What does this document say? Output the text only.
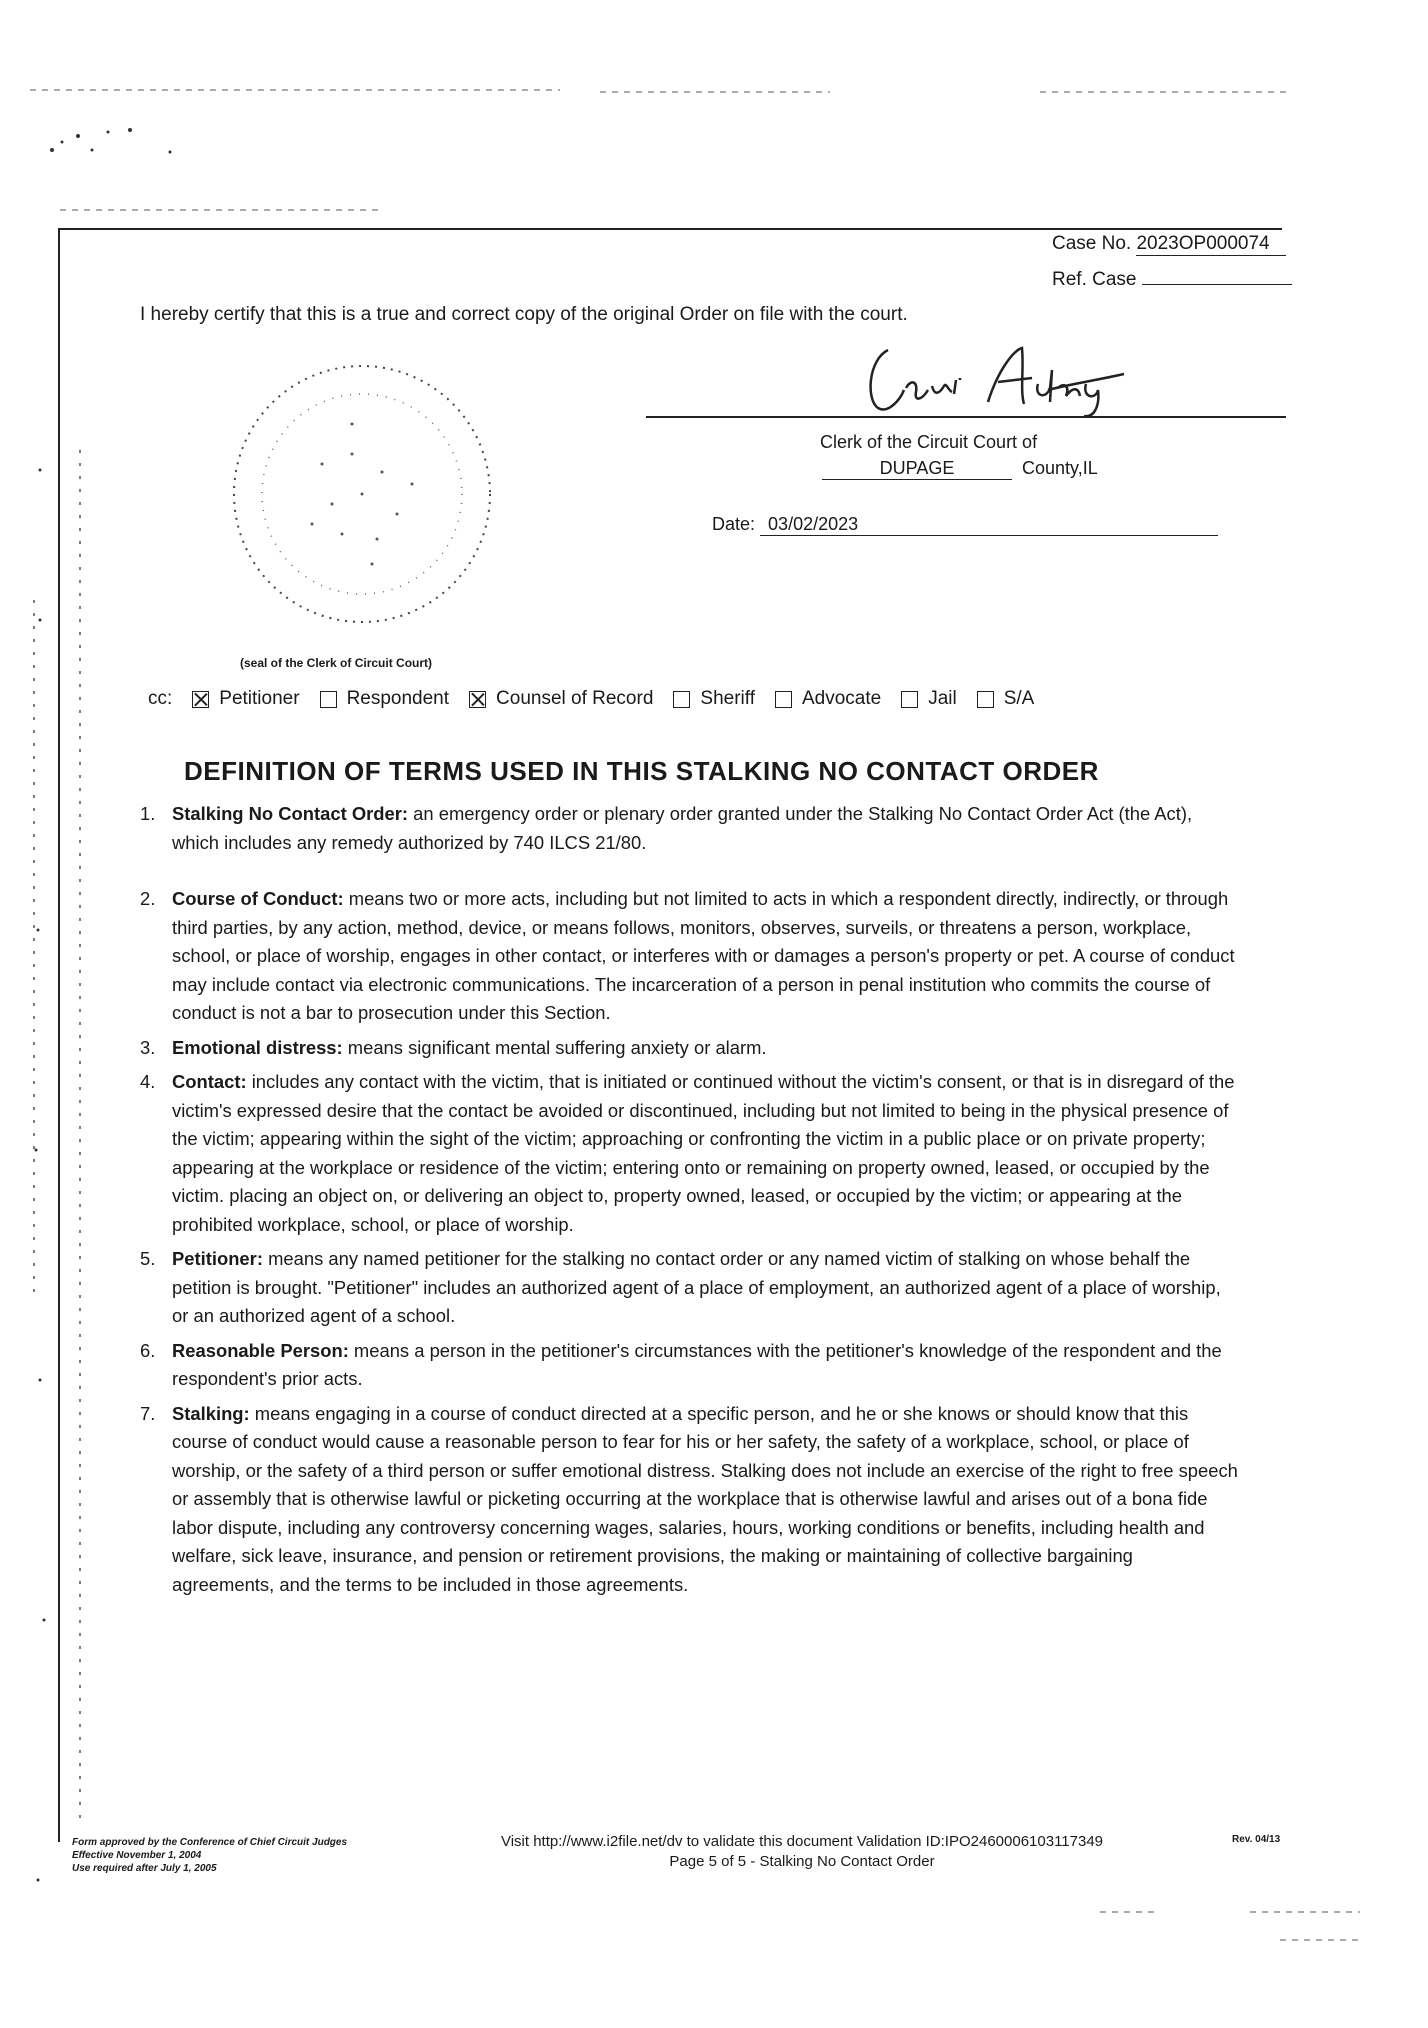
Case No. 2023OP000074
Ref. Case
I hereby certify that this is a true and correct copy of the original Order on file with the court.
Clerk of the Circuit Court of
DUPAGE	County,IL
Date: 03/02/2023
(seal of the Clerk of Circuit Court)
cc: Petitioner Respondent Counsel of Record Sheriff Advocate Jail S/A
DEFINITION OF TERMS USED IN THIS STALKING NO CONTACT ORDER
1. Stalking No Contact Order: an emergency order or plenary order granted under the Stalking No Contact Order Act (the Act), which includes any remedy authorized by 740 ILCS 21/80.
2. Course of Conduct: means two or more acts, including but not limited to acts in which a respondent directly, indirectly, or through third parties, by any action, method, device, or means follows, monitors, observes, surveils, or threatens a person, workplace, school, or place of worship, engages in other contact, or interferes with or damages a person's property or pet. A course of conduct may include contact via electronic communications. The incarceration of a person in penal institution who commits the course of conduct is not a bar to prosecution under this Section.
3. Emotional distress: means significant mental suffering anxiety or alarm.
4. Contact: includes any contact with the victim, that is initiated or continued without the victim's consent, or that is in disregard of the victim's expressed desire that the contact be avoided or discontinued, including but not limited to being in the physical presence of the victim; appearing within the sight of the victim; approaching or confronting the victim in a public place or on private property; appearing at the workplace or residence of the victim; entering onto or remaining on property owned, leased, or occupied by the victim. placing an object on, or delivering an object to, property owned, leased, or occupied by the victim; or appearing at the prohibited workplace, school, or place of worship.
5. Petitioner: means any named petitioner for the stalking no contact order or any named victim of stalking on whose behalf the petition is brought. "Petitioner" includes an authorized agent of a place of employment, an authorized agent of a place of worship, or an authorized agent of a school.
6. Reasonable Person: means a person in the petitioner's circumstances with the petitioner's knowledge of the respondent and the respondent's prior acts.
7. Stalking: means engaging in a course of conduct directed at a specific person, and he or she knows or should know that this course of conduct would cause a reasonable person to fear for his or her safety, the safety of a workplace, school, or place of worship, or the safety of a third person or suffer emotional distress. Stalking does not include an exercise of the right to free speech or assembly that is otherwise lawful or picketing occurring at the workplace that is otherwise lawful and arises out of a bona fide labor dispute, including any controversy concerning wages, salaries, hours, working conditions or benefits, including health and welfare, sick leave, insurance, and pension or retirement provisions, the making or maintaining of collective bargaining agreements, and the terms to be included in those agreements.
Form approved by the Conference of Chief Circuit Judges
Effective November 1, 2004
Use required after July 1, 2005
Visit http://www.i2file.net/dv to validate this document Validation ID:IPO2460006103117349
Page 5 of 5 - Stalking No Contact Order
Rev. 04/13
